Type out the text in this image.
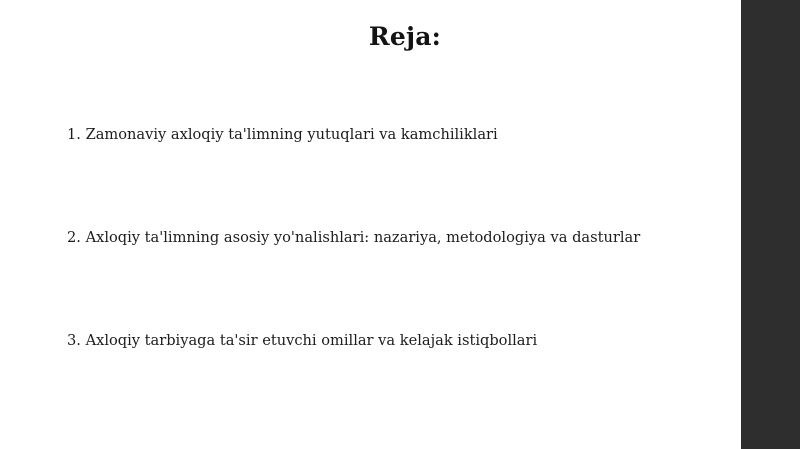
Reja:
1. Zamonaviy axloqiy ta'limning yutuqlari va kamchiliklari
2. Axloqiy ta'limning asosiy yo'nalishlari: nazariya, metodologiya va dasturlar
3. Axloqiy tarbiyaga ta'sir etuvchi omillar va kelajak istiqbollari
